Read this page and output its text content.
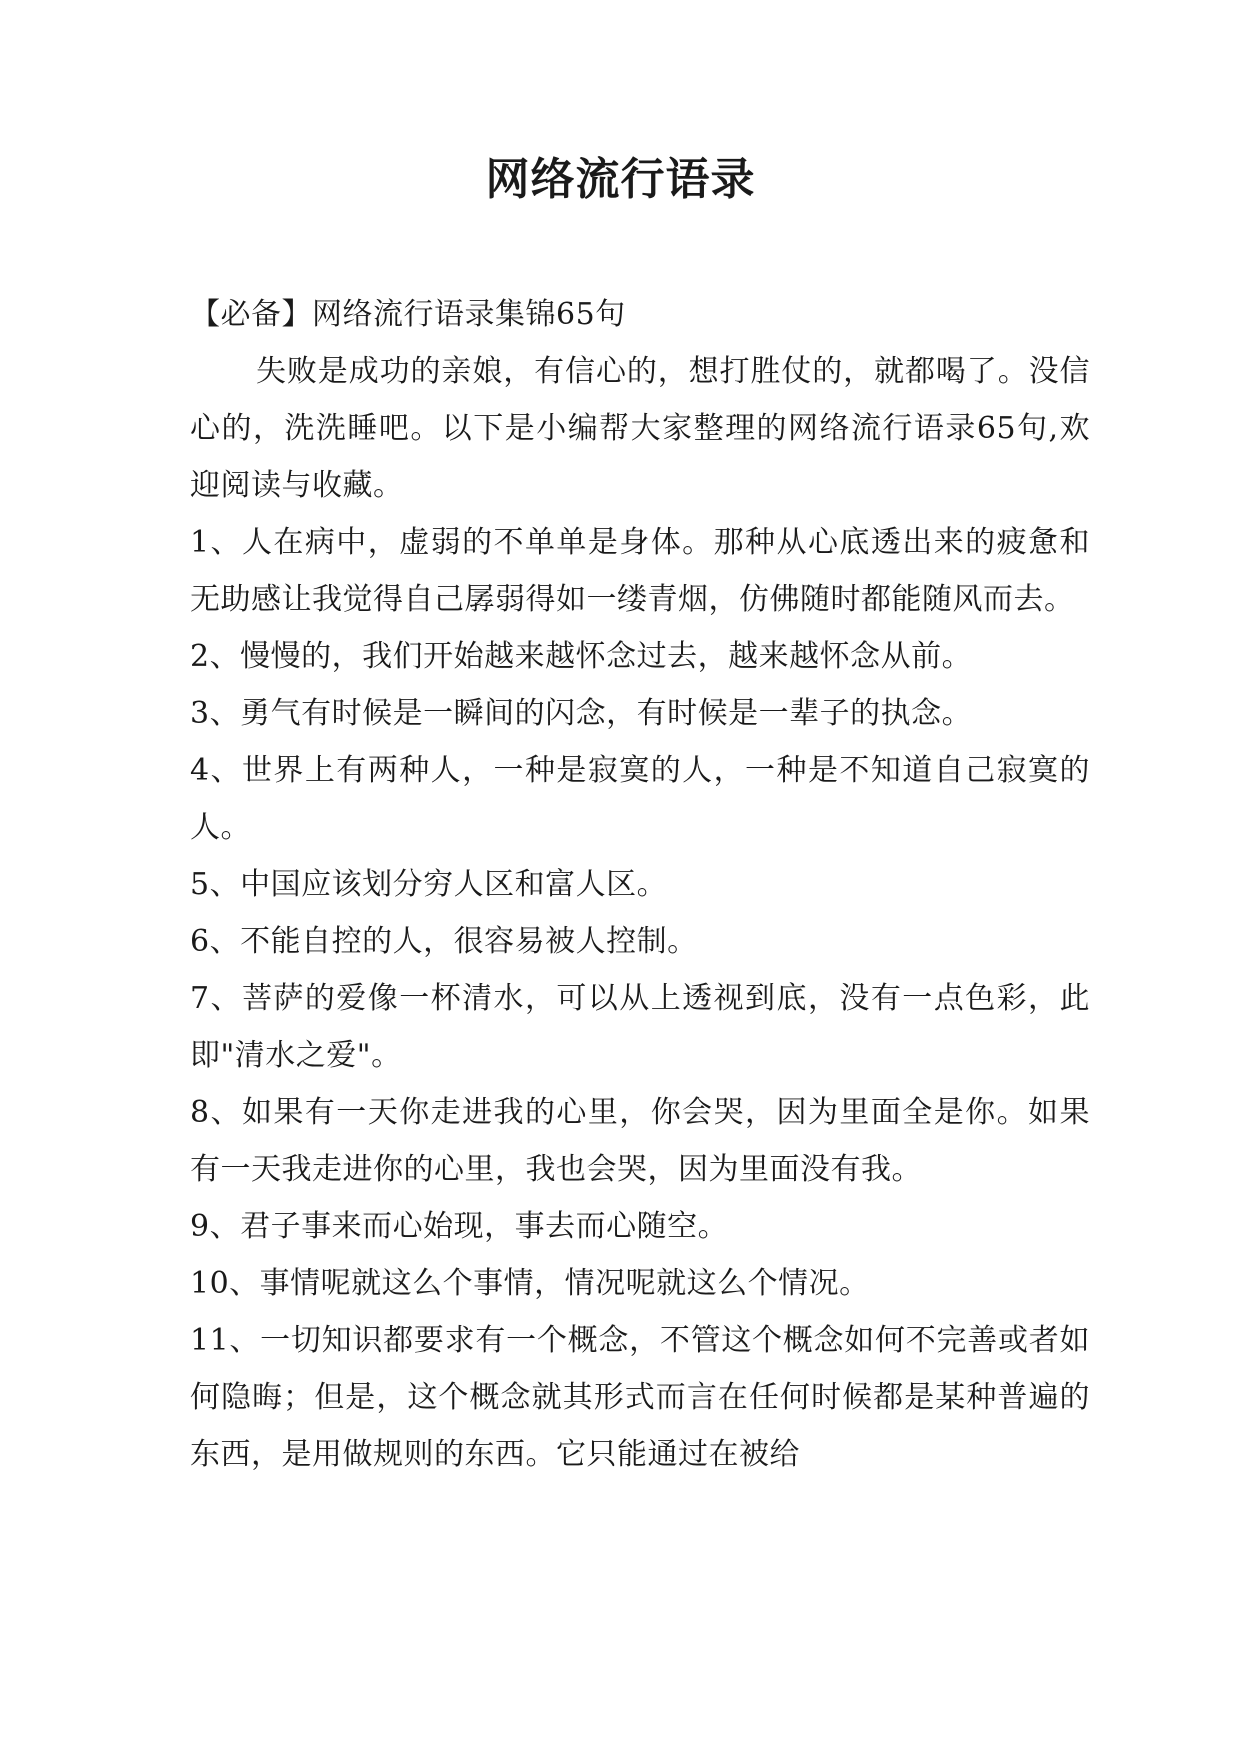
网络流行语录

【必备】网络流行语录集锦65句

失败是成功的亲娘，有信心的，想打胜仗的，就都喝了。没信心的，洗洗睡吧。以下是小编帮大家整理的网络流行语录65句,欢迎阅读与收藏。

1、人在病中，虚弱的不单单是身体。那种从心底透出来的疲惫和无助感让我觉得自己孱弱得如一缕青烟，仿佛随时都能随风而去。

2、慢慢的，我们开始越来越怀念过去，越来越怀念从前。

3、勇气有时候是一瞬间的闪念，有时候是一辈子的执念。

4、世界上有两种人，一种是寂寞的人，一种是不知道自己寂寞的人。

5、中国应该划分穷人区和富人区。

6、不能自控的人，很容易被人控制。

7、菩萨的爱像一杯清水，可以从上透视到底，没有一点色彩，此即"清水之爱"。

8、如果有一天你走进我的心里，你会哭，因为里面全是你。如果有一天我走进你的心里，我也会哭，因为里面没有我。

9、君子事来而心始现，事去而心随空。

10、事情呢就这么个事情，情况呢就这么个情况。

11、一切知识都要求有一个概念，不管这个概念如何不完善或者如何隐晦；但是，这个概念就其形式而言在任何时候都是某种普遍的东西，是用做规则的东西。它只能通过在被给
